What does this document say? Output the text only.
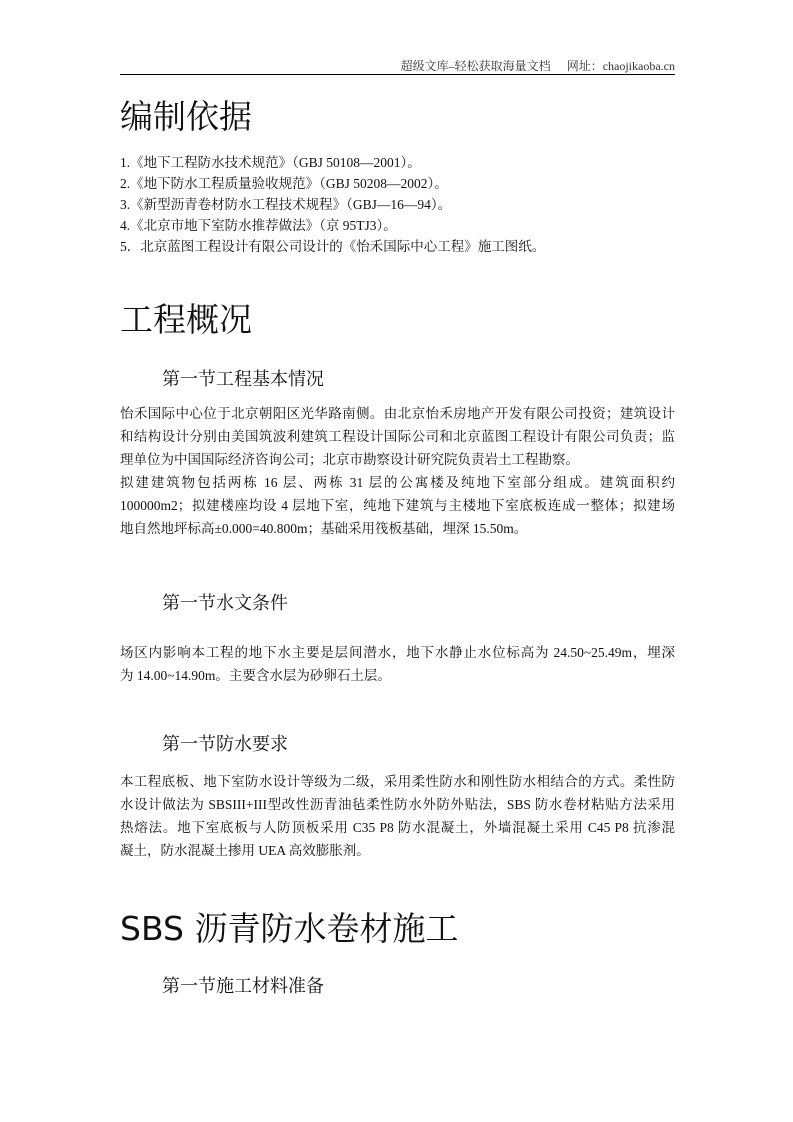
超级文库–轻松获取海量文档 网址：chaojikaoba.cn
编制依据
1.《地下工程防水技术规范》（GBJ 50108—2001）。
2.《地下防水工程质量验收规范》（GBJ 50208—2002）。
3.《新型沥青卷材防水工程技术规程》（GBJ—16—94）。
4.《北京市地下室防水推荐做法》（京 95TJ3）。
5．北京蓝图工程设计有限公司设计的《怡禾国际中心工程》施工图纸。
工程概况
第一节工程基本情况
怡禾国际中心位于北京朝阳区光华路南侧。由北京怡禾房地产开发有限公司投资；建筑设计
和结构设计分别由美国筑波利建筑工程设计国际公司和北京蓝图工程设计有限公司负责；监
理单位为中国国际经济咨询公司；北京市勘察设计研究院负责岩土工程勘察。
拟建建筑物包括两栋 16 层、两栋 31 层的公寓楼及纯地下室部分组成。建筑面积约
100000m2；拟建楼座均设 4 层地下室，纯地下建筑与主楼地下室底板连成一整体；拟建场
地自然地坪标高±0.000=40.800m；基础采用筏板基础，埋深 15.50m。
第一节水文条件
场区内影响本工程的地下水主要是层间潜水，地下水静止水位标高为 24.50~25.49m，埋深
为 14.00~14.90m。主要含水层为砂卵石土层。
第一节防水要求
本工程底板、地下室防水设计等级为二级，采用柔性防水和刚性防水相结合的方式。柔性防
水设计做法为 SBSIII+III型改性沥青油毡柔性防水外防外贴法，SBS 防水卷材粘贴方法采用
热熔法。地下室底板与人防顶板采用 C35 P8 防水混凝土，外墙混凝土采用 C45 P8 抗渗混
凝土，防水混凝土掺用 UEA 高效膨胀剂。
SBS 沥青防水卷材施工
第一节施工材料准备
